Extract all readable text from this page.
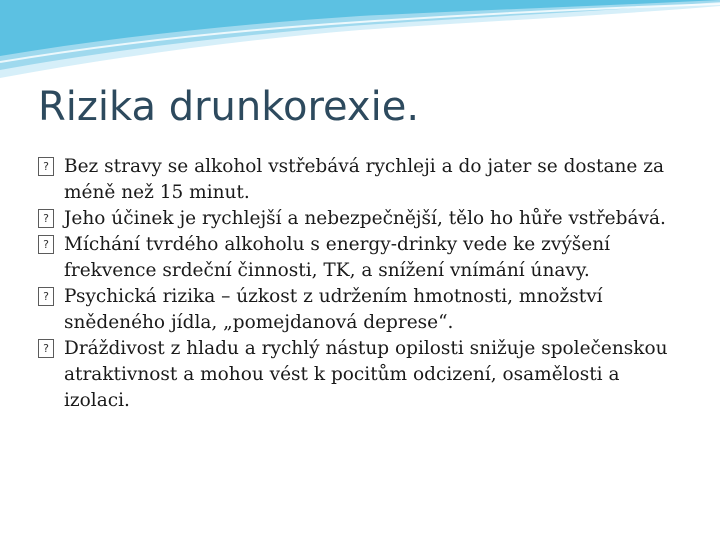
Rizika drunkorexie.
? Bez stravy se alkohol vstřebává rychleji a do jater se dostane za méně než 15 minut.
? Jeho účinek je rychlejší a nebezpečnější, tělo ho hůře vstřebává.
? Míchání tvrdého alkoholu s energy-drinky vede ke zvýšení frekvence srdeční činnosti, TK, a snížení vnímání únavy.
? Psychická rizika – úzkost z udržením hmotnosti, množství snědeného jídla, „pomejdanová deprese“.
? Dráždivost z hladu a rychlý nástup opilosti snižuje společenskou atraktivnost a mohou vést k pocitům odcizení, osamělosti a izolaci.
